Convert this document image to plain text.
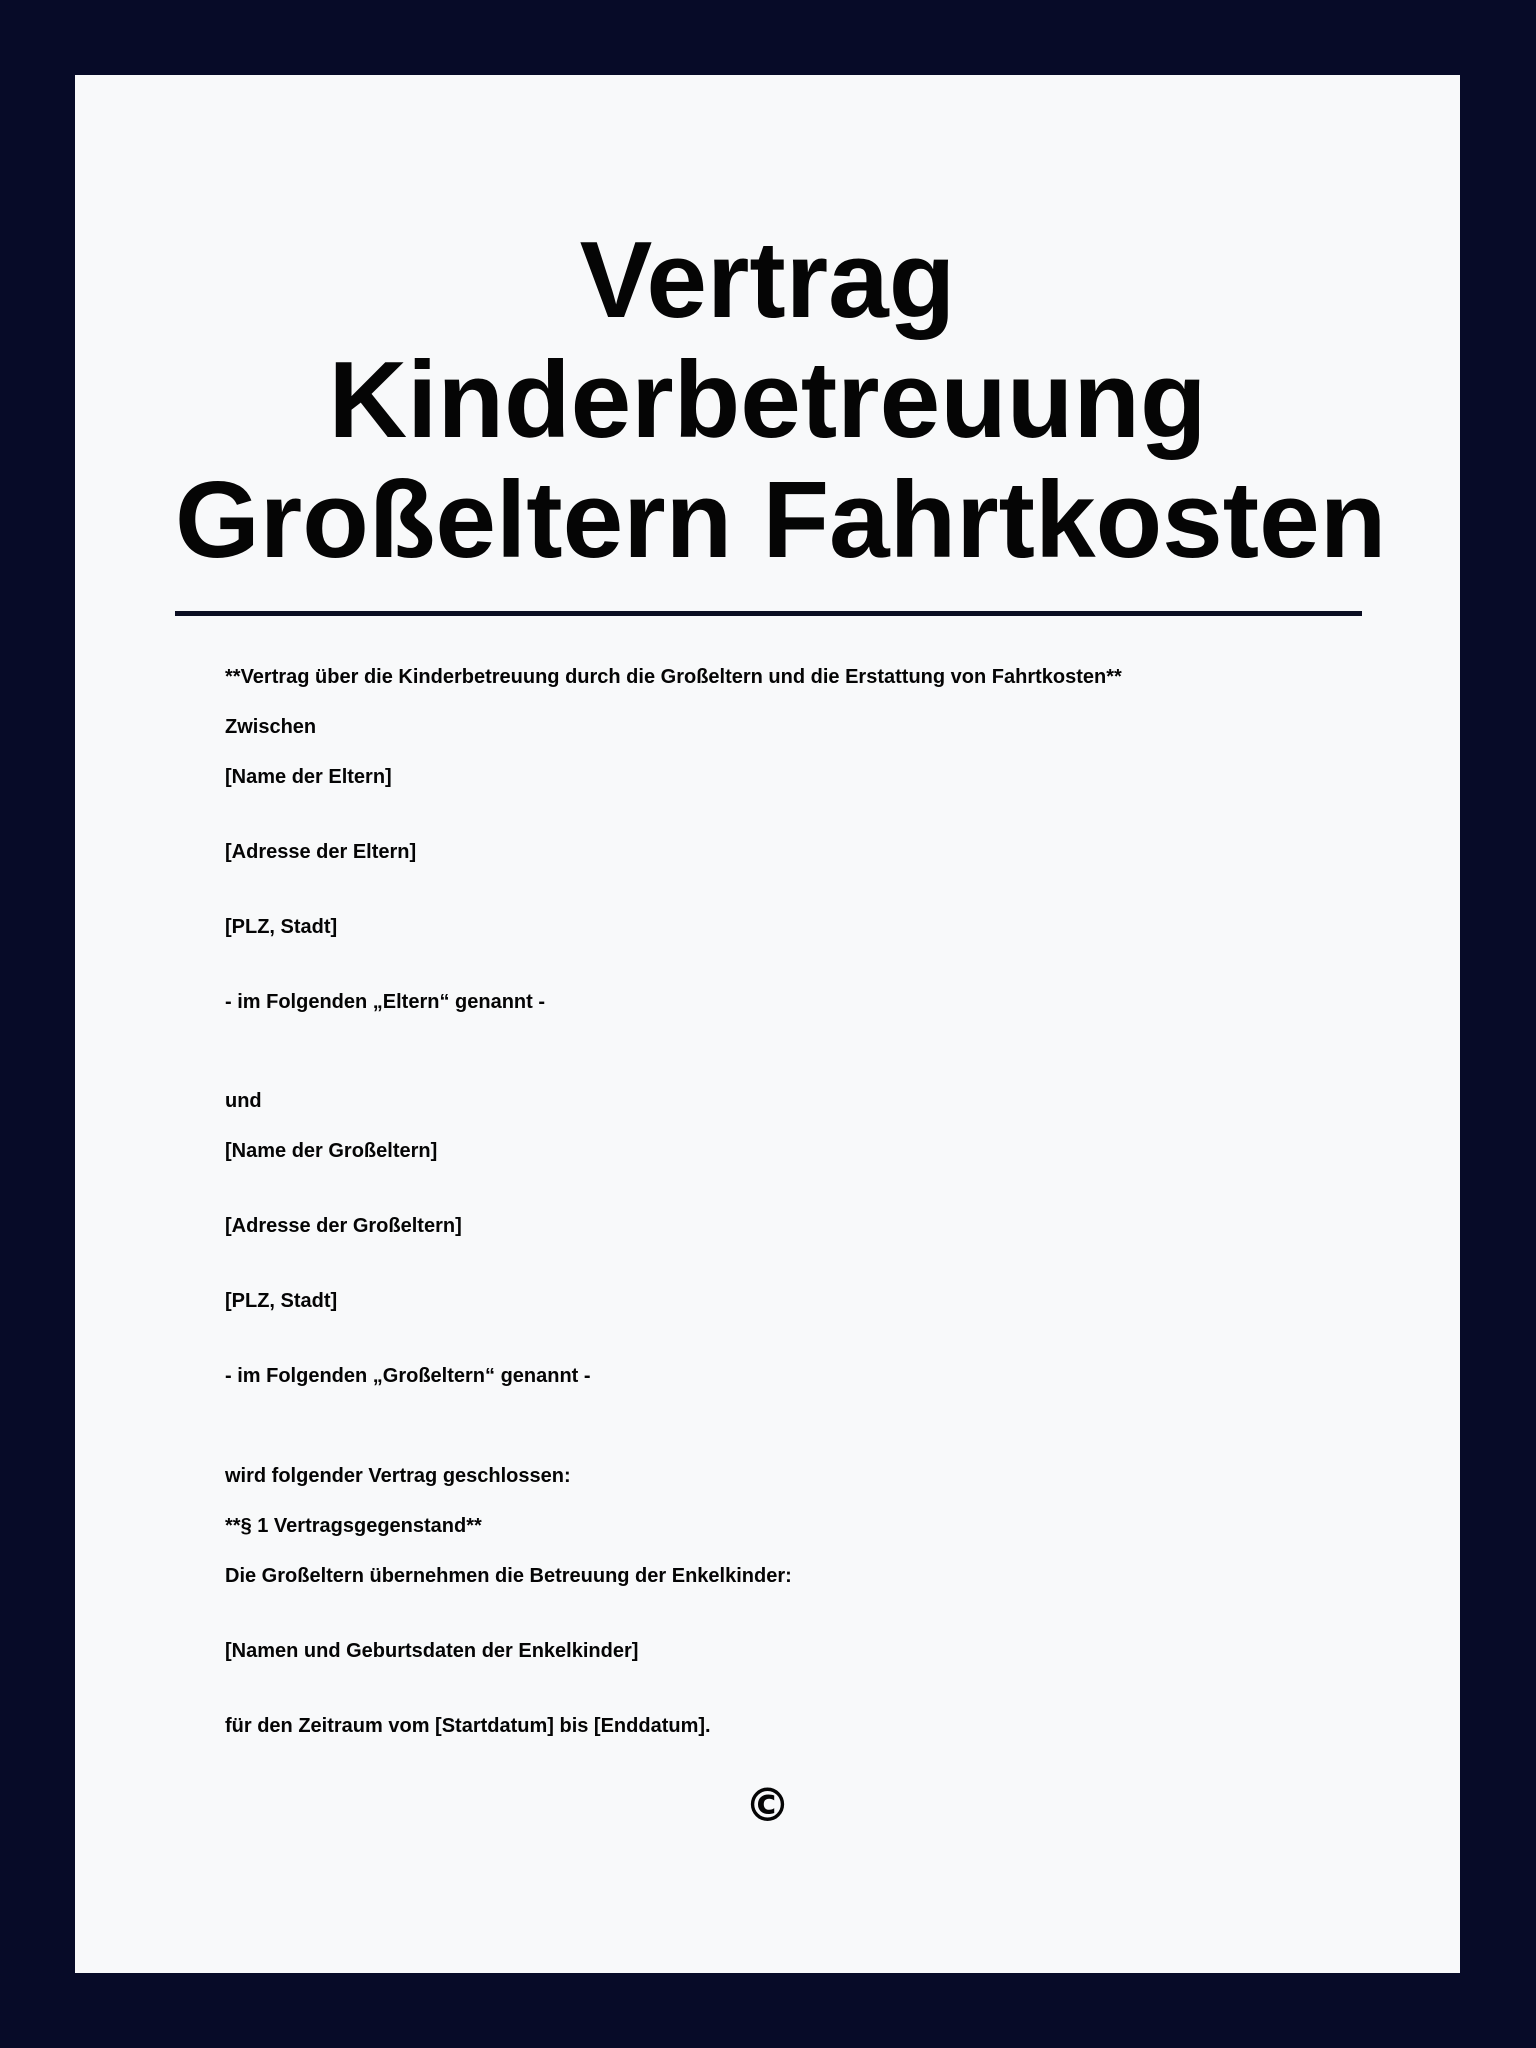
Vertrag
Kinderbetreuung
Großeltern Fahrtkosten
**Vertrag über die Kinderbetreuung durch die Großeltern und die Erstattung von Fahrtkosten**
Zwischen
[Name der Eltern]
[Adresse der Eltern]
[PLZ, Stadt]
- im Folgenden „Eltern“ genannt -
und
[Name der Großeltern]
[Adresse der Großeltern]
[PLZ, Stadt]
- im Folgenden „Großeltern“ genannt -
wird folgender Vertrag geschlossen:
**§ 1 Vertragsgegenstand**
Die Großeltern übernehmen die Betreuung der Enkelkinder:
[Namen und Geburtsdaten der Enkelkinder]
für den Zeitraum vom [Startdatum] bis [Enddatum].
©
